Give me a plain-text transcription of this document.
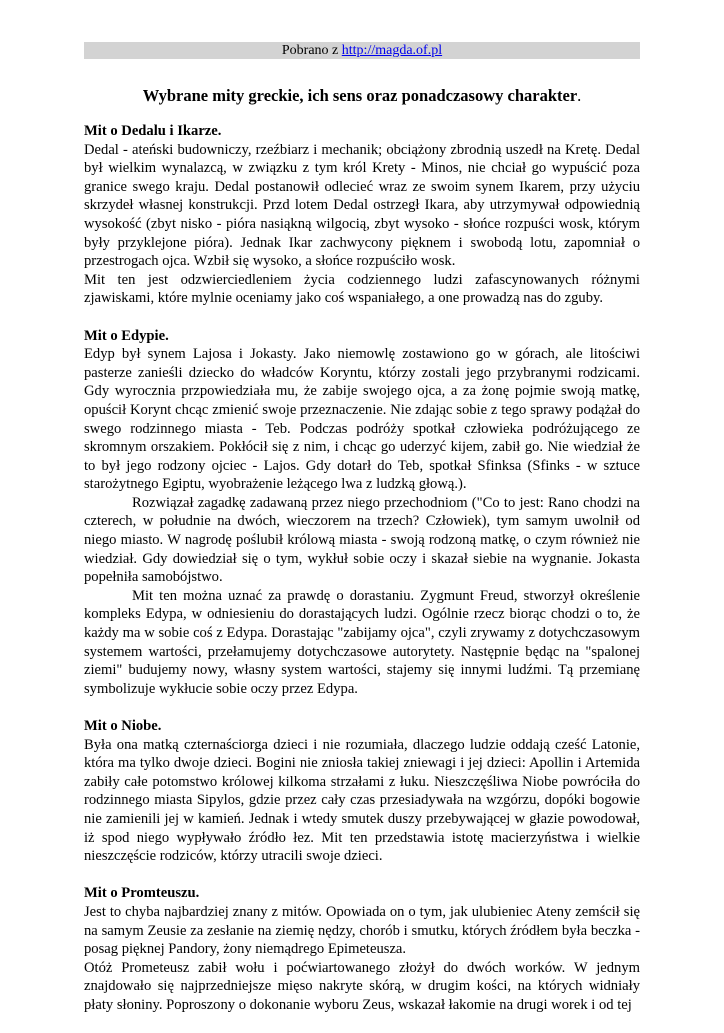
Pobrano z http://magda.of.pl
Wybrane mity greckie, ich sens oraz ponadczasowy charakter.
Mit o Dedalu i Ikarze.

Dedal - ateński budowniczy, rzeźbiarz i mechanik; obciążony zbrodnią uszedł na Kretę. Dedal był wielkim wynalazcą, w związku z tym król Krety - Minos, nie chciał go wypuścić poza granice swego kraju. Dedal postanowił odlecieć wraz ze swoim synem Ikarem, przy użyciu skrzydeł własnej konstrukcji. Przd lotem Dedal ostrzegł Ikara, aby utrzymywał odpowiednią wysokość (zbyt nisko - pióra nasiąkną wilgocią, zbyt wysoko - słońce rozpuści wosk, którym były przyklejone pióra). Jednak Ikar zachwycony pięknem i swobodą lotu, zapomniał o przestrogach ojca. Wzbił się wysoko, a słońce rozpuściło wosk.

Mit ten jest odzwierciedleniem życia codziennego ludzi zafascynowanych różnymi zjawiskami, które mylnie oceniamy jako coś wspaniałego, a one prowadzą nas do zguby.

Mit o Edypie.

Edyp był synem Lajosa i Jokasty. Jako niemowlę zostawiono go w górach, ale litościwi pasterze zanieśli dziecko do władców Koryntu, którzy zostali jego przybranymi rodzicami. Gdy wyrocznia przpowiedziała mu, że zabije swojego ojca, a za żonę pojmie swoją matkę, opuścił Korynt chcąc zmienić swoje przeznaczenie. Nie zdając sobie z tego sprawy podążał do swego rodzinnego miasta - Teb. Podczas podróży spotkał człowieka podróżującego ze skromnym orszakiem. Pokłócił się z nim, i chcąc go uderzyć kijem, zabił go. Nie wiedział że to był jego rodzony ojciec - Lajos. Gdy dotarł do Teb, spotkał Sfinksa (Sfinks - w sztuce starożytnego Egiptu, wyobrażenie leżącego lwa z ludzką głową.).

Rozwiązał zagadkę zadawaną przez niego przechodniom ("Co to jest: Rano chodzi na czterech, w południe na dwóch, wieczorem na trzech? Człowiek), tym samym uwolnił od niego miasto. W nagrodę poślubił królową miasta - swoją rodzoną matkę, o czym również nie wiedział. Gdy dowiedział się o tym, wykłuł sobie oczy i skazał siebie na wygnanie. Jokasta popełniła samobójstwo.

Mit ten można uznać za prawdę o dorastaniu. Zygmunt Freud, stworzył określenie kompleks Edypa, w odniesieniu do dorastających ludzi. Ogólnie rzecz biorąc chodzi o to, że każdy ma w sobie coś z Edypa. Dorastając "zabijamy ojca", czyli zrywamy z dotychczasowym systemem wartości, przełamujemy dotychczasowe autorytety. Następnie będąc na "spalonej ziemi" budujemy nowy, własny system wartości, stajemy się innymi ludźmi. Tą przemianę symbolizuje wykłucie sobie oczy przez Edypa.

Mit o Niobe.

Była ona matką czternaściorga dzieci i nie rozumiała, dlaczego ludzie oddają cześć Latonie, która ma tylko dwoje dzieci. Bogini nie zniosła takiej zniewagi i jej dzieci: Apollin i Artemida zabiły całe potomstwo królowej kilkoma strzałami z łuku. Nieszczęśliwa Niobe powróciła do rodzinnego miasta Sipylos, gdzie przez cały czas przesiadywała na wzgórzu, dopóki bogowie nie zamienili jej w kamień. Jednak i wtedy smutek duszy przebywającej w głazie powodował, iż spod niego wypływało źródło łez. Mit ten przedstawia istotę macierzyństwa i wielkie nieszczęście rodziców, którzy utracili swoje dzieci.

Mit o Promteuszu.

Jest to chyba najbardziej znany z mitów. Opowiada on o tym, jak ulubieniec Ateny zemścił się na samym Zeusie za zesłanie na ziemię nędzy, chorób i smutku, których źródłem była beczka - posag pięknej Pandory, żony niemądrego Epimeteusza.

Otóż Prometeusz zabił wołu i poćwiartowanego złożył do dwóch worków. W jednym znajdowało się najprzedniejsze mięso nakryte skórą, w drugim kości, na których widniały płaty słoniny. Poproszony o dokonanie wyboru Zeus, wskazał łakomie na drugi worek i od tej
